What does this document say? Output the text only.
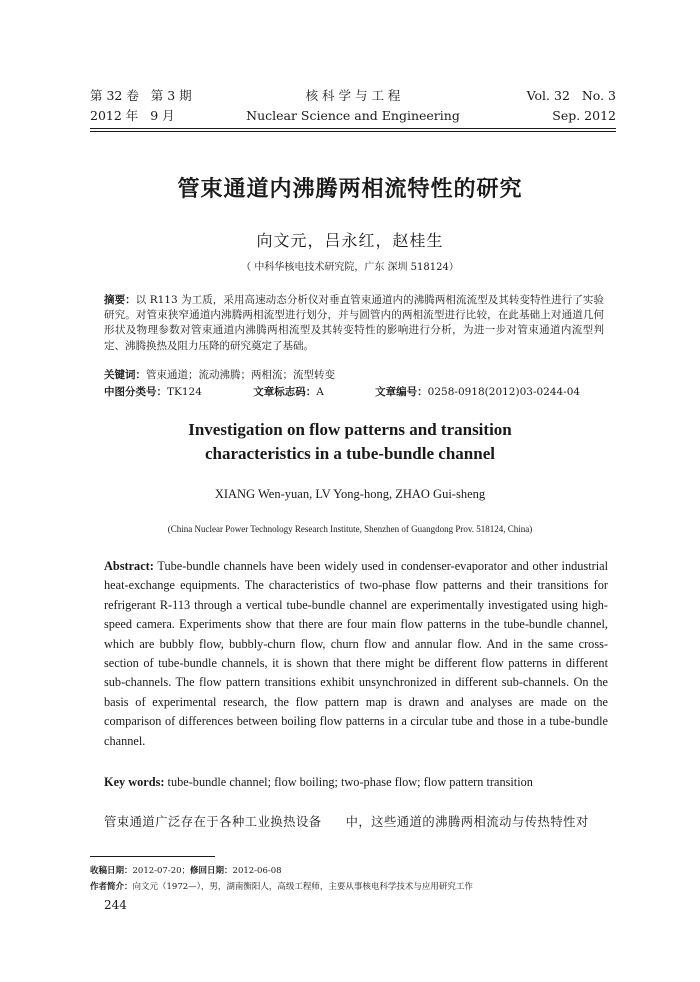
第 32 卷 第 3 期	核 科 学 与 工 程	Vol. 32 No. 3
2012 年 9 月	Nuclear Science and Engineering	Sep. 2012
管束通道内沸腾两相流特性的研究
向文元，吕永红，赵桂生
（ 中科华核电技术研究院，广东 深圳 518124）
摘要：以 R113 为工质，采用高速动态分析仪对垂直管束通道内的沸腾两相流流型及其转变特性进行了实验研究。对管束狭窄通道内沸腾两相流型进行划分，并与圆管内的两相流型进行比较，在此基础上对通道几何形状及物理参数对管束通道内沸腾两相流型及其转变特性的影响进行分析，为进一步对管束通道内流型判定、沸腾换热及阻力压降的研究奠定了基础。
关键词：管束通道；流动沸腾；两相流；流型转变
中图分类号：TK124	文章标志码：A	文章编号：0258-0918(2012)03-0244-04
Investigation on flow patterns and transition
characteristics in a tube-bundle channel
XIANG Wen-yuan, LV Yong-hong, ZHAO Gui-sheng
(China Nuclear Power Technology Research Institute, Shenzhen of Guangdong Prov. 518124, China)
Abstract: Tube-bundle channels have been widely used in condenser-evaporator and other industrial heat-exchange equipments. The characteristics of two-phase flow patterns and their transitions for refrigerant R-113 through a vertical tube-bundle channel are experimentally investigated using high-speed camera. Experiments show that there are four main flow patterns in the tube-bundle channel, which are bubbly flow, bubbly-churn flow, churn flow and annular flow. And in the same cross-section of tube-bundle channels, it is shown that there might be different flow patterns in different sub-channels. The flow pattern transitions exhibit unsynchronized in different sub-channels. On the basis of experimental research, the flow pattern map is drawn and analyses are made on the comparison of differences between boiling flow patterns in a circular tube and those in a tube-bundle channel.
Key words: tube-bundle channel; flow boiling; two-phase flow; flow pattern transition
管束通道广泛存在于各种工业换热设备 中，这些通道的沸腾两相流动与传热特性对
收稿日期：2012-07-20；修回日期：2012-06-08
作者简介：向文元（1972—），男，湖南衡阳人，高级工程师，主要从事核电科学技术与应用研究工作
244
